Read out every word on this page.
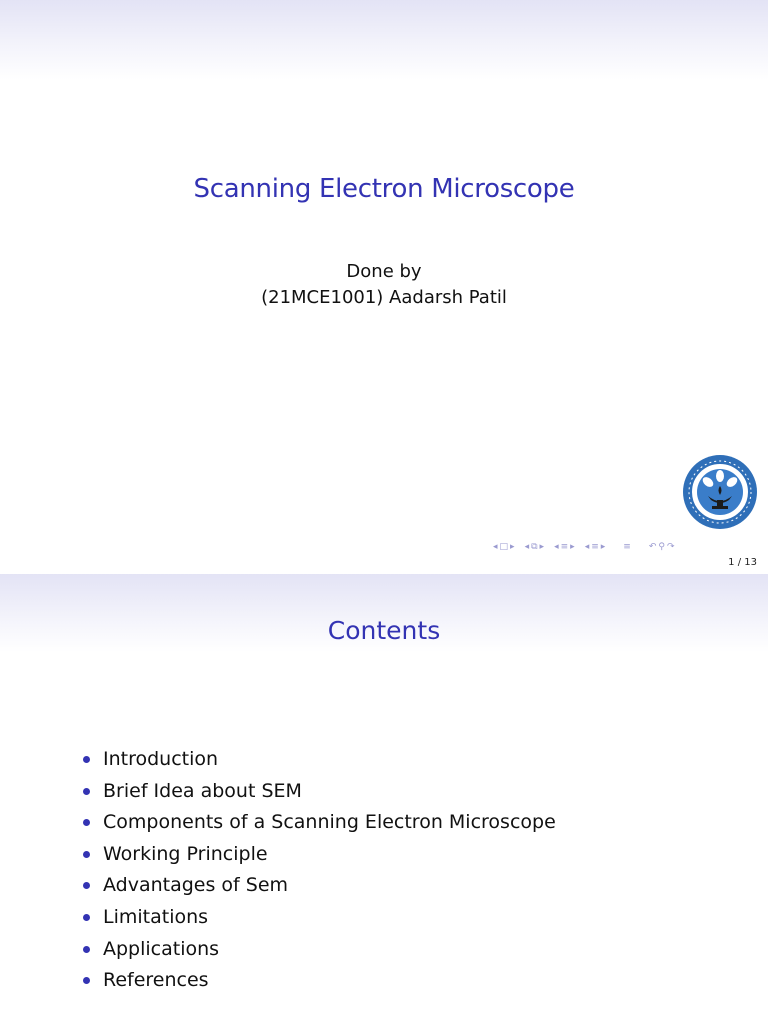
Scanning Electron Microscope
Done by
(21MCE1001) Aadarsh Patil
◂ □ ▸ ◂ ⧉ ▸ ◂ ≡ ▸ ◂ ≡ ▸ ≡ ↶ ⚲ ↷
1 / 13
Contents
Introduction
Brief Idea about SEM
Components of a Scanning Electron Microscope
Working Principle
Advantages of Sem
Limitations
Applications
References
